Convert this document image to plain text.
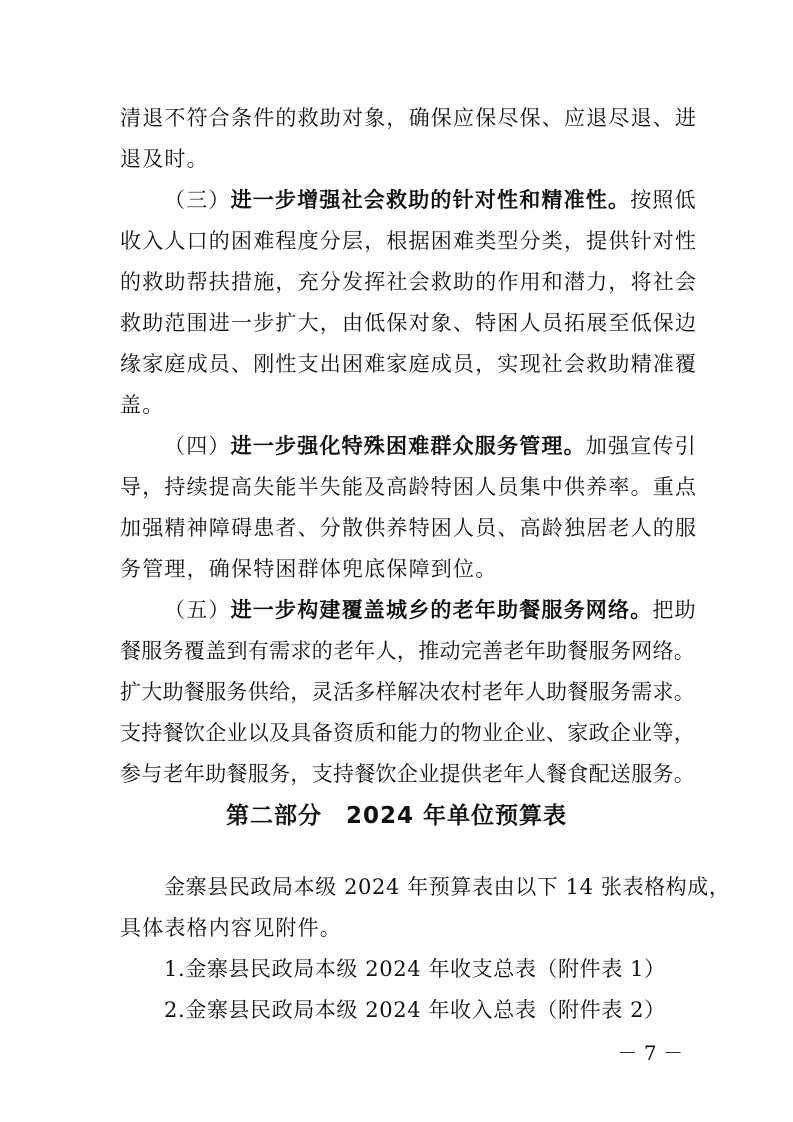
清退不符合条件的救助对象，确保应保尽保、应退尽退、进
退及时。
（三）进一步增强社会救助的针对性和精准性。按照低
收入人口的困难程度分层，根据困难类型分类，提供针对性
的救助帮扶措施，充分发挥社会救助的作用和潜力，将社会
救助范围进一步扩大，由低保对象、特困人员拓展至低保边
缘家庭成员、刚性支出困难家庭成员，实现社会救助精准覆
盖。
（四）进一步强化特殊困难群众服务管理。加强宣传引
导，持续提高失能半失能及高龄特困人员集中供养率。重点
加强精神障碍患者、分散供养特困人员、高龄独居老人的服
务管理，确保特困群体兜底保障到位。
（五）进一步构建覆盖城乡的老年助餐服务网络。把助
餐服务覆盖到有需求的老年人，推动完善老年助餐服务网络。
扩大助餐服务供给，灵活多样解决农村老年人助餐服务需求。
支持餐饮企业以及具备资质和能力的物业企业、家政企业等，
参与老年助餐服务，支持餐饮企业提供老年人餐食配送服务。
第二部分　2024 年单位预算表
金寨县民政局本级 2024 年预算表由以下 14 张表格构成，
具体表格内容见附件。
1.金寨县民政局本级 2024 年收支总表（附件表 1）
2.金寨县民政局本级 2024 年收入总表（附件表 2）
－ 7 －
